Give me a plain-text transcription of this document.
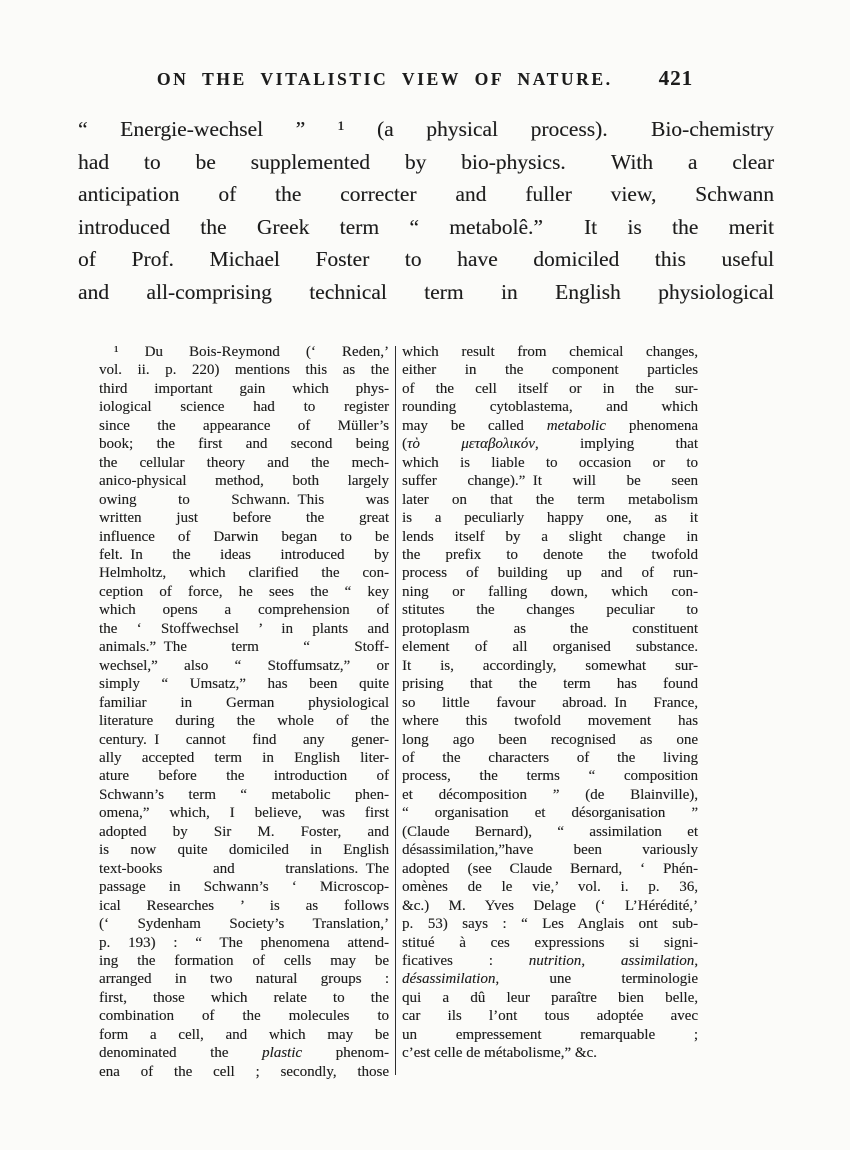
ON THE VITALISTIC VIEW OF NATURE. 421
“ Energie-wechsel ” ¹ (a physical process).  Bio-chemistry
had to be supplemented by bio-physics.  With a clear
anticipation of the correcter and fuller view, Schwann
introduced the Greek term “ metabolê.”  It is the merit
of Prof. Michael Foster to have domiciled this useful
and all-comprising technical term in English physiological
 ¹ Du Bois-Reymond (‘ Reden,’
vol. ii. p. 220) mentions this as the
third important gain which phys-
iological science had to register
since the appearance of Müller’s
book; the first and second being
the cellular theory and the mech-
anico-physical method, both largely
owing to Schwann. This was
written just before the great
influence of Darwin began to be
felt. In the ideas introduced by
Helmholtz, which clarified the con-
ception of force, he sees the “ key
which opens a comprehension of
the ‘ Stoffwechsel ’ in plants and
animals.” The term “ Stoff-
wechsel,” also “ Stoffumsatz,” or
simply “ Umsatz,” has been quite
familiar in German physiological
literature during the whole of the
century. I cannot find any gener-
ally accepted term in English liter-
ature before the introduction of
Schwann’s term “ metabolic phen-
omena,” which, I believe, was first
adopted by Sir M. Foster, and
is now quite domiciled in English
text-books and translations. The
passage in Schwann’s ‘ Microscop-
ical Researches ’ is as follows
(‘ Sydenham Society’s Translation,’
p. 193) : “ The phenomena attend-
ing the formation of cells may be
arranged in two natural groups :
first, those which relate to the
combination of the molecules to
form a cell, and which may be
denominated the plastic phenom-
ena of the cell ; secondly, those
which result from chemical changes,
either in the component particles
of the cell itself or in the sur-
rounding cytoblastema, and which
may be called metabolic phenomena
(τὸ μεταβολικόν, implying that
which is liable to occasion or to
suffer change).” It will be seen
later on that the term metabolism
is a peculiarly happy one, as it
lends itself by a slight change in
the prefix to denote the twofold
process of building up and of run-
ning or falling down, which con-
stitutes the changes peculiar to
protoplasm as the constituent
element of all organised substance.
It is, accordingly, somewhat sur-
prising that the term has found
so little favour abroad. In France,
where this twofold movement has
long ago been recognised as one
of the characters of the living
process, the terms “ composition
et décomposition ” (de Blainville),
“ organisation et désorganisation ”
(Claude Bernard), “ assimilation et
désassimilation,”have been variously
adopted (see Claude Bernard, ‘ Phén-
omènes de le vie,’ vol. i. p. 36,
&c.) M. Yves Delage (‘ L’Hérédité,’
p. 53) says : “ Les Anglais ont sub-
stitué à ces expressions si signi-
ficatives : nutrition, assimilation,
désassimilation, une terminologie
qui a dû leur paraître bien belle,
car ils l’ont tous adoptée avec
un empressement remarquable ;
c’est celle de métabolisme,” &c.
